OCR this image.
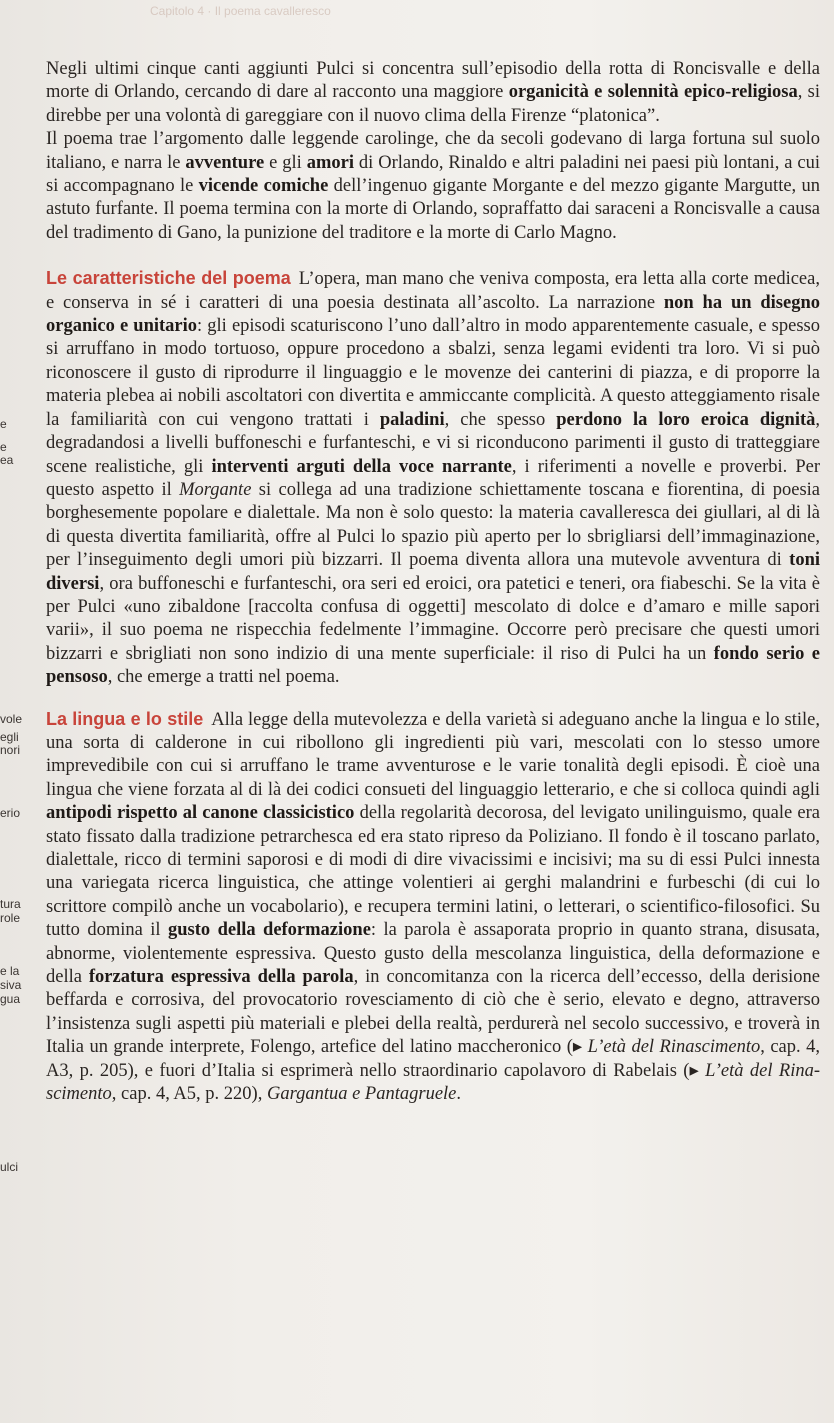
Capitolo 4 · Il poema cavalleresco
e
e
ea
vole
egli
nori
erio
tura
role
e la
siva
gua
ulci

Negli ultimi cinque canti aggiunti Pulci si concentra sull’episodio della rotta di Roncisvalle e della morte di Orlando, cercando di dare al racconto una maggiore organicità e solennità epico-religiosa, si direbbe per una volontà di gareggiare con il nuovo clima della Firenze “platonica”.

Il poema trae l’argomento dalle leggende carolinge, che da secoli godevano di larga fortuna sul suolo italiano, e narra le avventure e gli amori di Orlando, Rinaldo e altri paladini nei paesi più lontani, a cui si accompagnano le vicende comiche dell’ingenuo gigante Morgante e del mezzo gigante Margutte, un astuto furfante. Il poema termina con la morte di Orlando, sopraffatto dai saraceni a Roncisvalle a causa del tradimento di Gano, la punizione del traditore e la morte di Carlo Magno.

Le caratteristiche del poema L’opera, man mano che veniva composta, era letta alla corte medicea, e conserva in sé i caratteri di una poesia destinata all’ascolto. La narrazione non ha un disegno organico e unitario: gli episodi scaturiscono l’uno dall’altro in modo apparentemente casuale, e spesso si arruffano in modo tortuoso, oppure procedono a sbalzi, senza legami evidenti tra loro. Vi si può riconoscere il gusto di riprodurre il linguaggio e le movenze dei canterini di piazza, e di proporre la materia plebea ai nobili ascoltatori con divertita e ammiccante complicità. A questo atteggiamento risale la familiarità con cui vengono trattati i paladini, che spesso perdono la loro eroica dignità, degradandosi a livelli buffoneschi e furfanteschi, e vi si riconducono parimenti il gusto di tratteggiare scene realistiche, gli interventi arguti della voce narrante, i riferimenti a novelle e proverbi. Per questo aspetto il Morgante si collega ad una tradizione schiettamente toscana e fiorentina, di poesia borghesemente popolare e dialettale. Ma non è solo questo: la materia cavalleresca dei giullari, al di là di questa divertita familiarità, offre al Pulci lo spazio più aperto per lo sbrigliarsi dell’immaginazione, per l’inseguimento degli umori più bizzarri. Il poema diventa allora una mutevole avventura di toni diversi, ora buffoneschi e furfanteschi, ora seri ed eroici, ora patetici e teneri, ora fiabeschi. Se la vita è per Pulci «uno zibaldone [raccolta confusa di oggetti] mescolato di dolce e d’amaro e mille sapori varii», il suo poema ne rispecchia fedelmente l’immagine. Occorre però precisare che questi umori bizzarri e sbrigliati non sono indizio di una mente superficiale: il riso di Pulci ha un fondo serio e pensoso, che emerge a tratti nel poema.

La lingua e lo stile Alla legge della mutevolezza e della varietà si adeguano anche la lingua e lo stile, una sorta di calderone in cui ribollono gli ingredienti più vari, mescolati con lo stesso umore imprevedibile con cui si arruffano le trame avventurose e le varie tonalità degli episodi. È cioè una lingua che viene forzata al di là dei codici consueti del linguaggio letterario, e che si colloca quindi agli antipodi rispetto al canone classicistico della regolarità decorosa, del levigato unilinguismo, quale era stato fissato dalla tradizione petrarchesca ed era stato ripreso da Poliziano. Il fondo è il toscano parlato, dialettale, ricco di termini saporosi e di modi di dire vivacissimi e incisivi; ma su di essi Pulci innesta una variegata ricerca linguistica, che attinge volentieri ai gerghi malandrini e furbeschi (di cui lo scrittore compilò anche un vocabolario), e recupera termini latini, o letterari, o scientifico-filosofici. Su tutto domina il gusto della deformazione: la parola è assaporata proprio in quanto strana, disusata, abnorme, violentemente espressiva. Questo gusto della mescolanza linguistica, della deformazione e della forzatura espressiva della parola, in concomitanza con la ricerca dell’eccesso, della derisione beffarda e corrosiva, del provocatorio rovesciamento di ciò che è serio, elevato e degno, attraverso l’insistenza sugli aspetti più materiali e plebei della realtà, perdurerà nel secolo successivo, e troverà in Italia un grande interprete, Folengo, artefice del latino maccheronico (▸ L’età del Rinascimento, cap. 4, A3, p. 205), e fuori d’Italia si esprimerà nello straordinario capolavoro di Rabelais (▸ L’età del Rinascimento, cap. 4, A5, p. 220), Gargantua e Pantagruele.
